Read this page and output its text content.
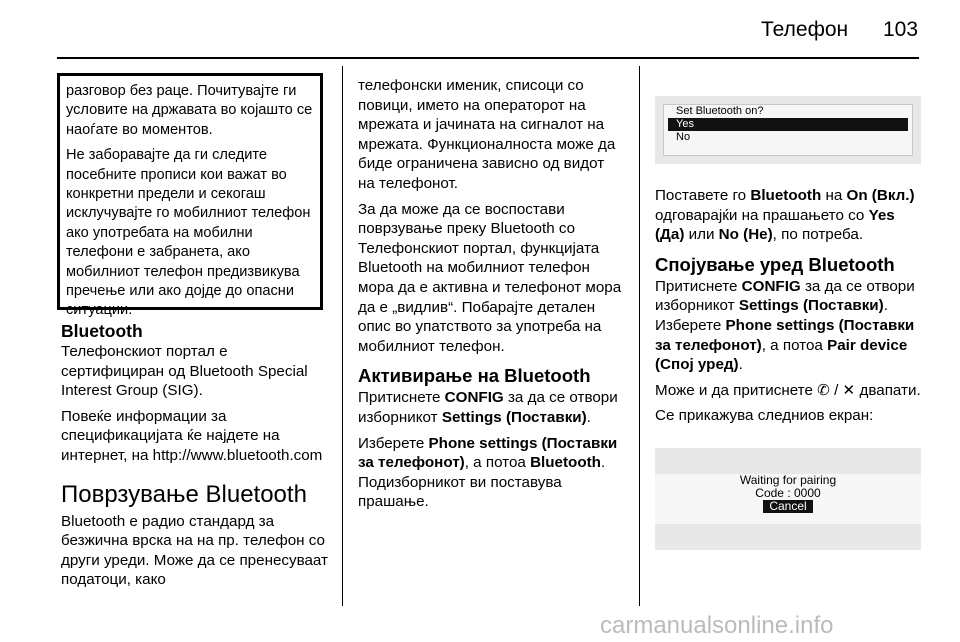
Телефон 103

разговор без раце. Почитувајте ги условите на државата во којашто се наоѓате во моментов.

Не заборавајте да ги следите посебните прописи кои важат во конкретни предели и секогаш исклучувајте го мобилниот телефон ако употребата на мобилни телефони е забранета, ако мобилниот телефон предизвикува пречење или ако дојде до опасни ситуации.

Bluetooth

Телефонскиот портал е сертифициран од Bluetooth Special Interest Group (SIG).

Повеќе информации за спецификацијата ќе најдете на интернет, на http://www.bluetooth.com

Поврзување Bluetooth

Bluetooth е радио стандард за безжична врска на на пр. телефон со други уреди. Може да се пренесуваат податоци, како

телефонски именик, списоци со повици, името на операторот на мрежата и јачината на сигналот на мрежата. Функционалноста може да биде ограничена зависно од видот на телефонот.

За да може да се воспостави поврзување преку Bluetooth со Телефонскиот портал, функцијата Bluetooth на мобилниот телефон мора да е активна и телефонот мора да е „видлив“. Побарајте детален опис во упатството за употреба на мобилниот телефон.

Активирање на Bluetooth

Притиснете CONFIG за да се отвори изборникот Settings (Поставки).

Изберете Phone settings (Поставки за телефонот), а потоа Bluetooth. Подизборникот ви поставува прашање.

Set Bluetooth on?
Yes
No

Поставете го Bluetooth на On (Вкл.) одговарајќи на прашањето со Yes (Да) или No (Не), по потреба.

Спојување уред Bluetooth

Притиснете CONFIG за да се отвори изборникот Settings (Поставки). Изберете Phone settings (Поставки за телефонот), а потоа Pair device (Спој уред).

Може и да притиснете ✆ / ✕ двапати.

Се прикажува следниов екран:

Waiting for pairing
Code : 0000
Cancel
carmanualsonline.info
